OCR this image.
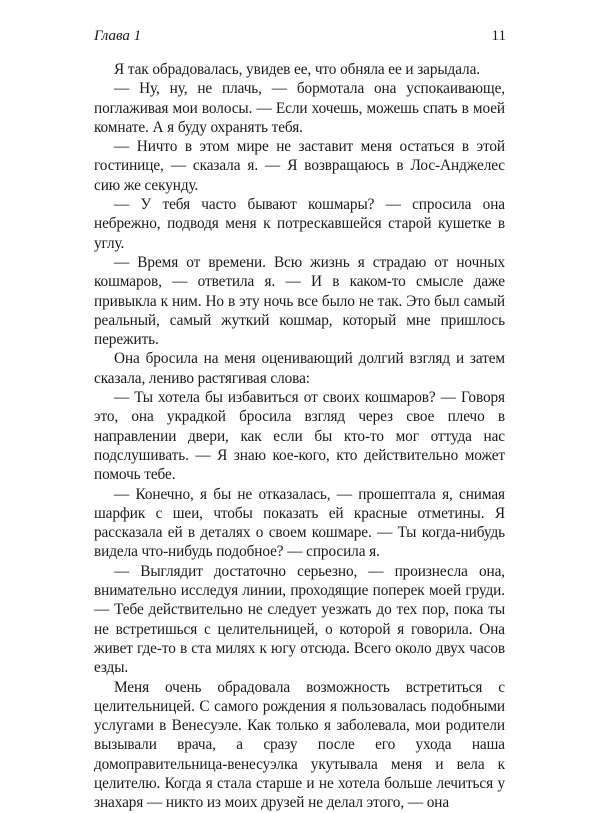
Глава 1	11

Я так обрадовалась, увидев ее, что обняла ее и зарыдала.

— Ну, ну, не плачь, — бормотала она успокаивающе, поглаживая мои волосы. — Если хочешь, можешь спать в моей комнате. А я буду охранять тебя.

— Ничто в этом мире не заставит меня остаться в этой гостинице, — сказала я. — Я возвращаюсь в Лос-Анджелес сию же секунду.

— У тебя часто бывают кошмары? — спросила она небрежно, подводя меня к потрескавшейся старой кушетке в углу.

— Время от времени. Всю жизнь я страдаю от ночных кошмаров, — ответила я. — И в каком-то смысле даже привыкла к ним. Но в эту ночь все было не так. Это был самый реальный, самый жуткий кошмар, который мне пришлось пережить.

Она бросила на меня оценивающий долгий взгляд и затем сказала, лениво растягивая слова:

— Ты хотела бы избавиться от своих кошмаров? — Говоря это, она украдкой бросила взгляд через свое плечо в направлении двери, как если бы кто-то мог оттуда нас подслушивать. — Я знаю кое-кого, кто действительно может помочь тебе.

— Конечно, я бы не отказалась, — прошептала я, снимая шарфик с шеи, чтобы показать ей красные отметины. Я рассказала ей в деталях о своем кошмаре. — Ты когда-нибудь видела что-нибудь подобное? — спросила я.

— Выглядит достаточно серьезно, — произнесла она, внимательно исследуя линии, проходящие поперек моей груди. — Тебе действительно не следует уезжать до тех пор, пока ты не встретишься с целительницей, о которой я говорила. Она живет где-то в ста милях к югу отсюда. Всего около двух часов езды.

Меня очень обрадовала возможность встретиться с целительницей. С самого рождения я пользовалась подобными услугами в Венесуэле. Как только я заболевала, мои родители вызывали врача, а сразу после его ухода наша домоправительница-венесуэлка укутывала меня и вела к целителю. Когда я стала старше и не хотела больше лечиться у знахаря — никто из моих друзей не делал этого, — она
